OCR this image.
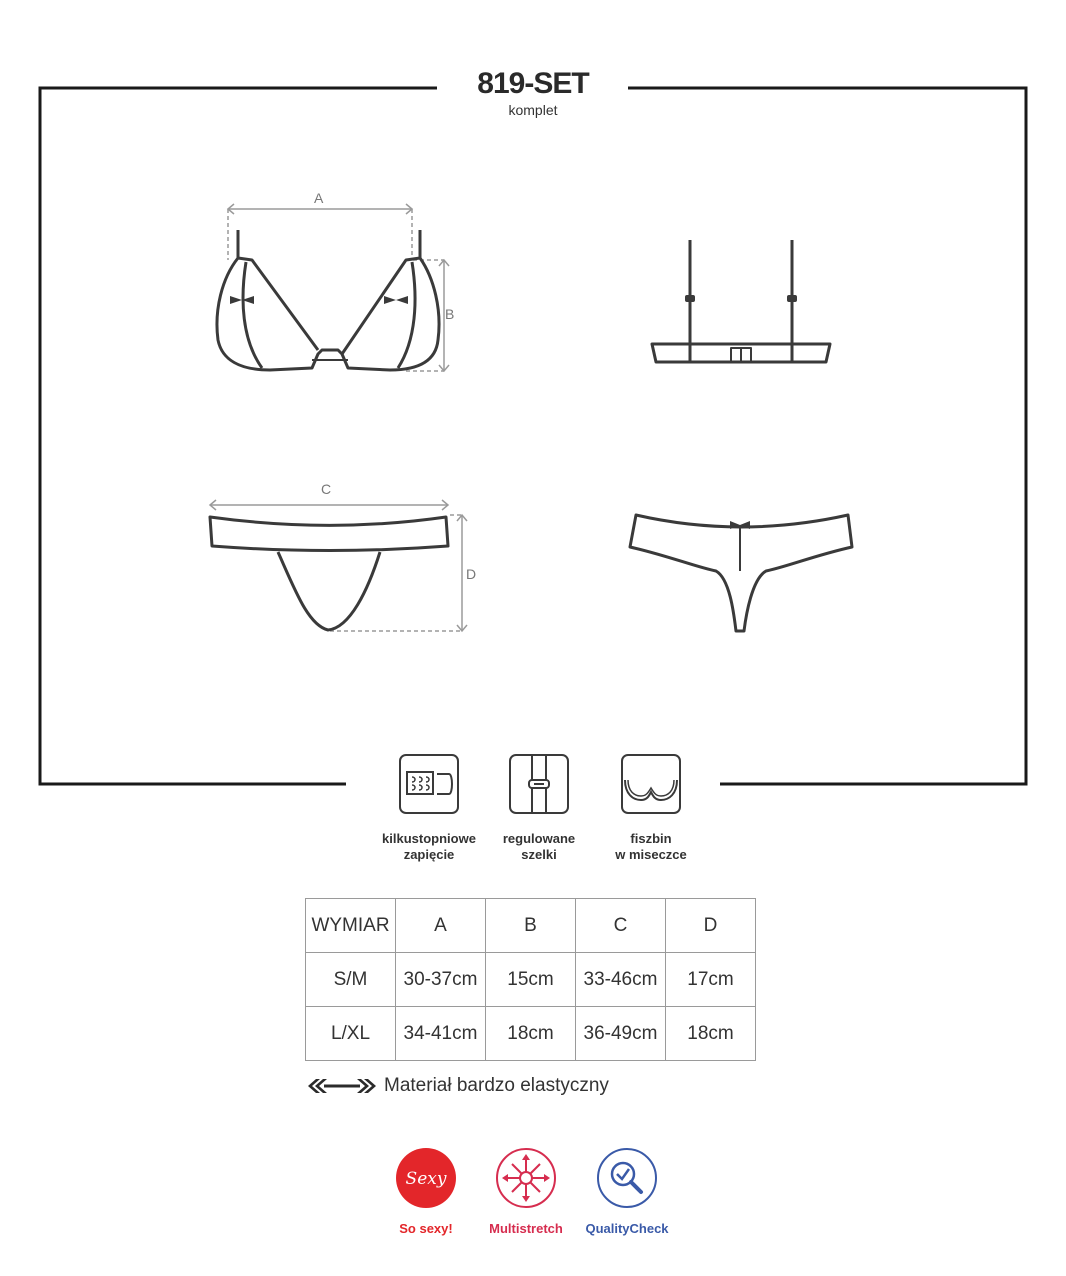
819-SET
komplet
A
B
C
D
kilkustopniowe
zapięcie
regulowane
szelki
fiszbin
w miseczce
WYMIAR	A	B	C	D
S/M	30-37cm	15cm	33-46cm	17cm
L/XL	34-41cm	18cm	36-49cm	18cm
Materiał bardzo elastyczny
Sexy
So sexy!	Multistretch	QualityCheck
